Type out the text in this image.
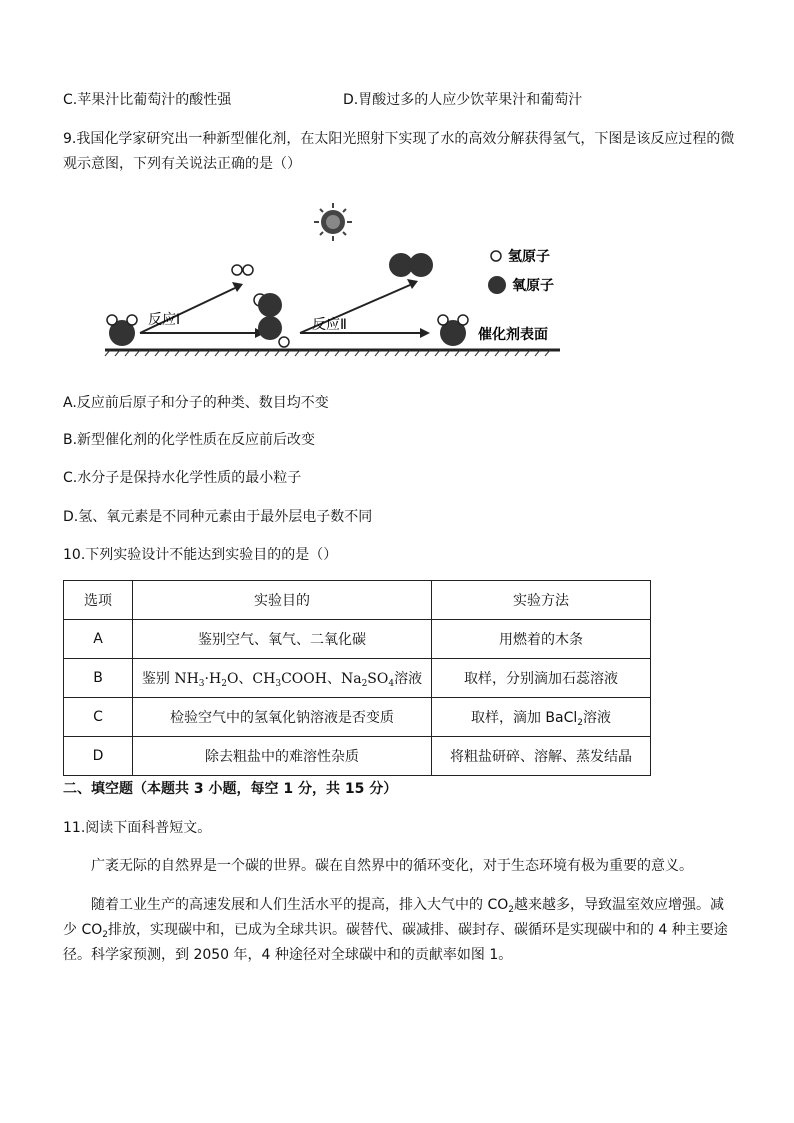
C.苹果汁比葡萄汁的酸性强	D.胃酸过多的人应少饮苹果汁和葡萄汁
9.我国化学家研究出一种新型催化剂，在太阳光照射下实现了水的高效分解获得氢气，下图是该反应过程的微
观示意图，下列有关说法正确的是（）
反应Ⅰ	反应Ⅱ
催化剂表面
氢原子
氧原子
A.反应前后原子和分子的种类、数目均不变
B.新型催化剂的化学性质在反应前后改变
C.水分子是保持水化学性质的最小粒子
D.氢、氧元素是不同种元素由于最外层电子数不同
10.下列实验设计不能达到实验目的的是（）
选项	实验目的	实验方法
A	鉴别空气、氧气、二氧化碳	用燃着的木条
B	鉴别 $NH_3\cdot H_2O$、$CH_3COOH$、$Na_2SO_4$溶液	取样，分别滴加石蕊溶液
C	检验空气中的氢氧化钠溶液是否变质	取样，滴加 BaCl$_2$溶液
D	除去粗盐中的难溶性杂质	将粗盐研碎、溶解、蒸发结晶
二、填空题（本题共 3 小题，每空 1 分，共 15 分）
11.阅读下面科普短文。
广袤无际的自然界是一个碳的世界。碳在自然界中的循环变化，对于生态环境有极为重要的意义。
随着工业生产的高速发展和人们生活水平的提高，排入大气中的 $CO_2$越来越多，导致温室效应增强。减
少 $CO_2$排放，实现碳中和，已成为全球共识。碳替代、碳减排、碳封存、碳循环是实现碳中和的 4 种主要途
径。科学家预测，到 2050 年，4 种途径对全球碳中和的贡献率如图 1。
